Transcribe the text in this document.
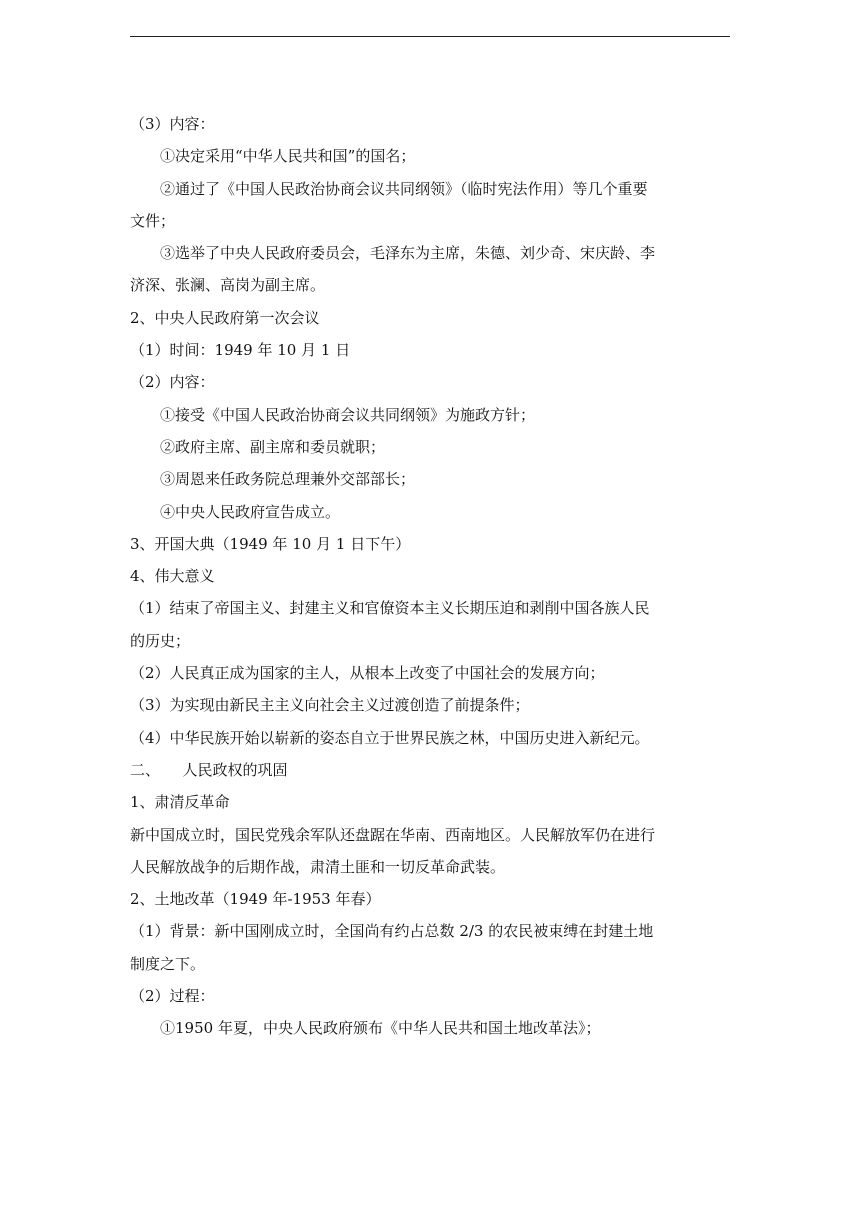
（3）内容：

①决定采用“中华人民共和国”的国名；

②通过了《中国人民政治协商会议共同纲领》（临时宪法作用）等几个重要

文件；

③选举了中央人民政府委员会，毛泽东为主席，朱德、刘少奇、宋庆龄、李

济深、张澜、高岗为副主席。

2、中央人民政府第一次会议

（1）时间：1949 年 10 月 1 日

（2）内容：

①接受《中国人民政治协商会议共同纲领》为施政方针；

②政府主席、副主席和委员就职；

③周恩来任政务院总理兼外交部部长；

④中央人民政府宣告成立。

3、开国大典（1949 年 10 月 1 日下午）

4、伟大意义

（1）结束了帝国主义、封建主义和官僚资本主义长期压迫和剥削中国各族人民

的历史；

（2）人民真正成为国家的主人，从根本上改变了中国社会的发展方向；

（3）为实现由新民主主义向社会主义过渡创造了前提条件；

（4）中华民族开始以崭新的姿态自立于世界民族之林，中国历史进入新纪元。

二、　　人民政权的巩固

1、肃清反革命

新中国成立时，国民党残余军队还盘踞在华南、西南地区。人民解放军仍在进行

人民解放战争的后期作战，肃清土匪和一切反革命武装。

2、土地改革（1949 年-1953 年春）

（1）背景：新中国刚成立时，全国尚有约占总数 2/3 的农民被束缚在封建土地

制度之下。

（2）过程：

①1950 年夏，中央人民政府颁布《中华人民共和国土地改革法》；
